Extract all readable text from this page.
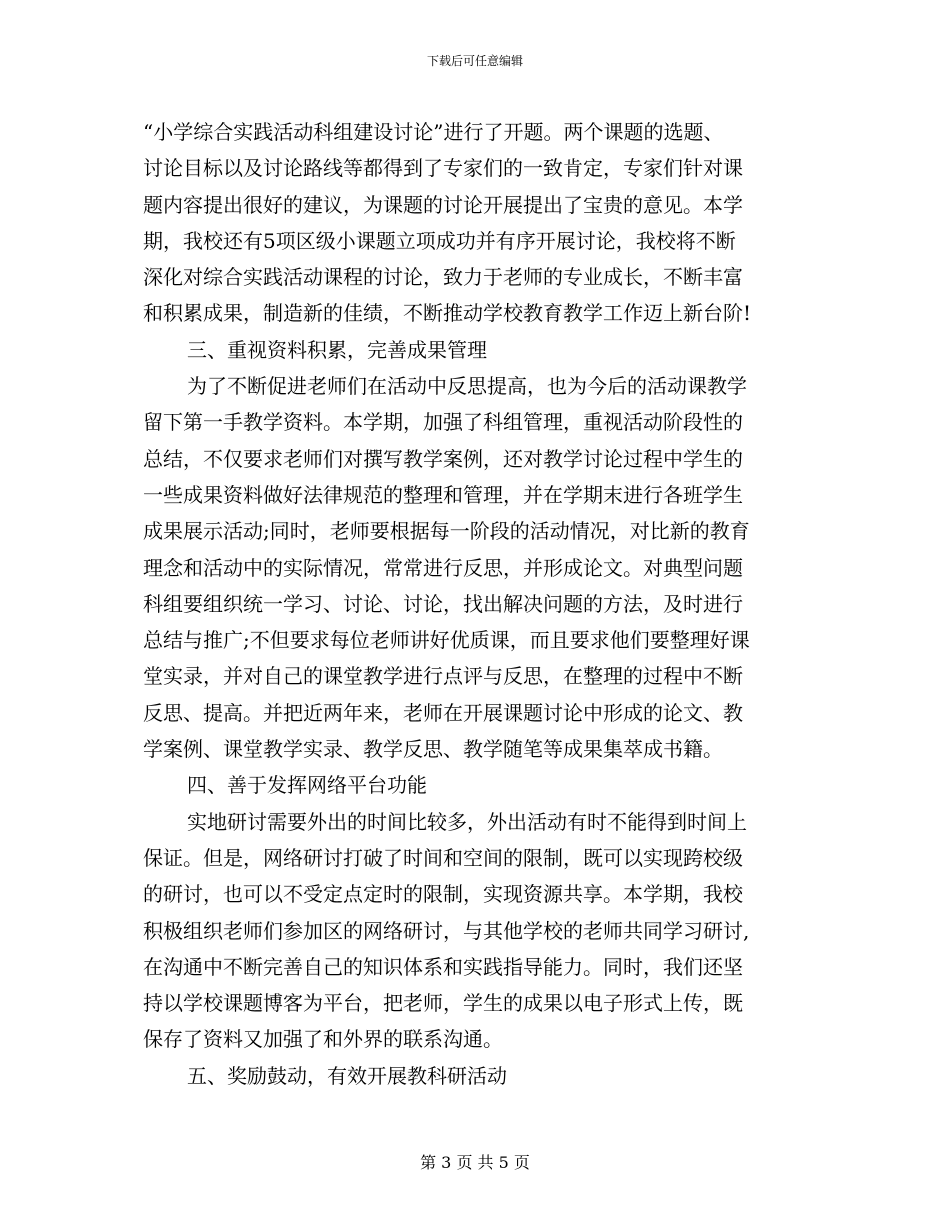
下载后可任意编辑
“小学综合实践活动科组建设讨论”进行了开题。两个课题的选题、
讨论目标以及讨论路线等都得到了专家们的一致肯定，专家们针对课
题内容提出很好的建议，为课题的讨论开展提出了宝贵的意见。本学
期，我校还有5项区级小课题立项成功并有序开展讨论，我校将不断
深化对综合实践活动课程的讨论，致力于老师的专业成长，不断丰富
和积累成果，制造新的佳绩，不断推动学校教育教学工作迈上新台阶!
三、重视资料积累，完善成果管理
为了不断促进老师们在活动中反思提高，也为今后的活动课教学
留下第一手教学资料。本学期，加强了科组管理，重视活动阶段性的
总结，不仅要求老师们对撰写教学案例，还对教学讨论过程中学生的
一些成果资料做好法律规范的整理和管理，并在学期末进行各班学生
成果展示活动;同时，老师要根据每一阶段的活动情况，对比新的教育
理念和活动中的实际情况，常常进行反思，并形成论文。对典型问题
科组要组织统一学习、讨论、讨论，找出解决问题的方法，及时进行
总结与推广;不但要求每位老师讲好优质课，而且要求他们要整理好课
堂实录，并对自己的课堂教学进行点评与反思，在整理的过程中不断
反思、提高。并把近两年来，老师在开展课题讨论中形成的论文、教
学案例、课堂教学实录、教学反思、教学随笔等成果集萃成书籍。
四、善于发挥网络平台功能
实地研讨需要外出的时间比较多，外出活动有时不能得到时间上
保证。但是，网络研讨打破了时间和空间的限制，既可以实现跨校级
的研讨，也可以不受定点定时的限制，实现资源共享。本学期，我校
积极组织老师们参加区的网络研讨，与其他学校的老师共同学习研讨,
在沟通中不断完善自己的知识体系和实践指导能力。同时，我们还坚
持以学校课题博客为平台，把老师，学生的成果以电子形式上传，既
保存了资料又加强了和外界的联系沟通。
五、奖励鼓动，有效开展教科研活动
第 3 页 共 5 页
